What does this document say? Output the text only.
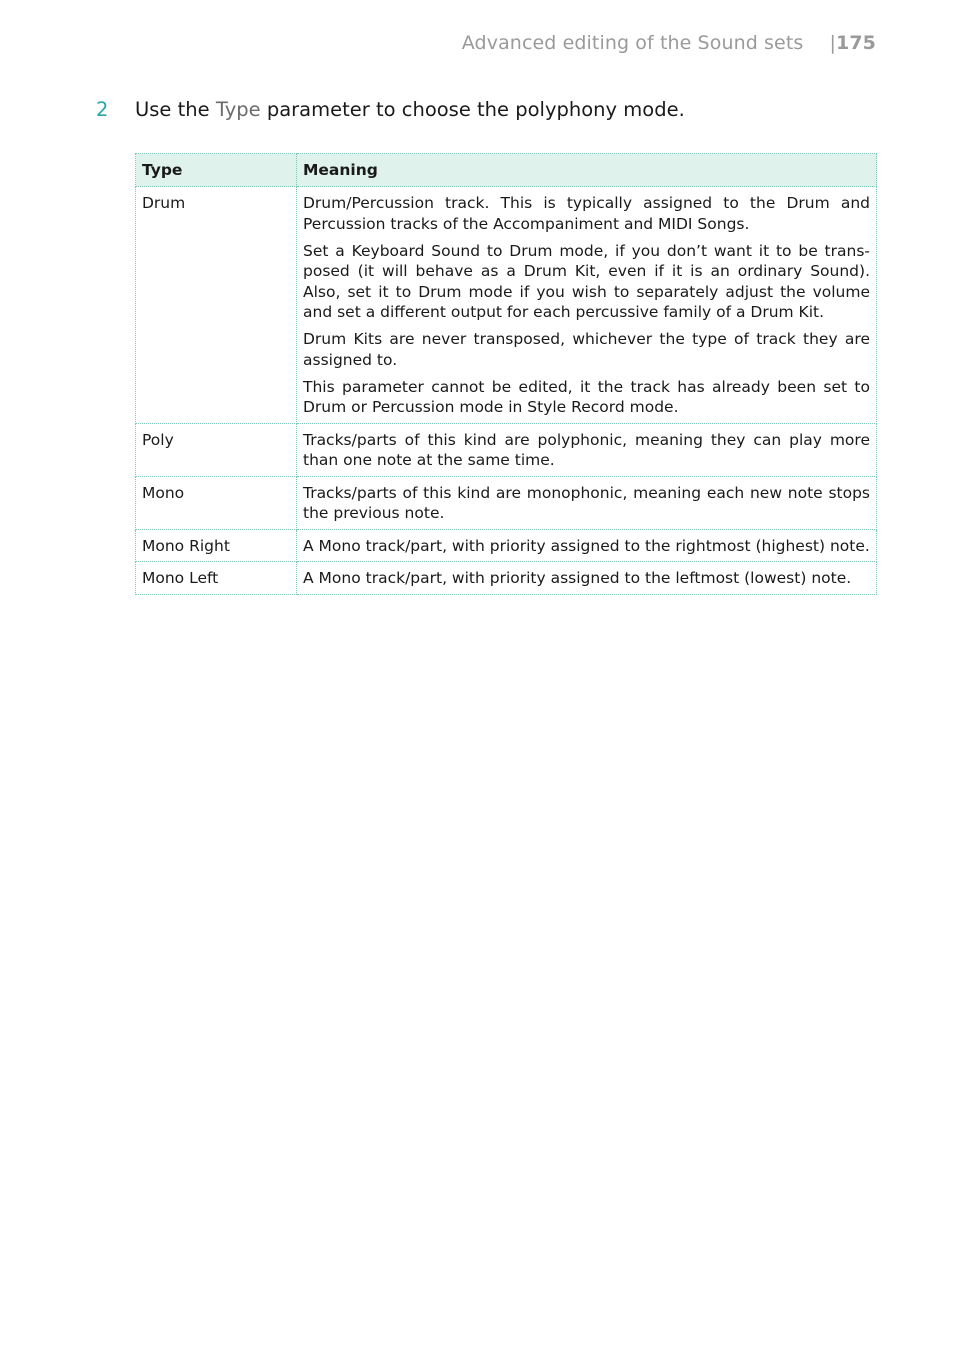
Advanced editing of the Sound sets |175
2 Use the Type parameter to choose the polyphony mode.
Type	Meaning
Drum	Drum/Percussion track. This is typically assigned to the Drum and Percussion tracks of the Accompaniment and MIDI Songs.

Set a Keyboard Sound to Drum mode, if you don’t want it to be trans-posed (it will behave as a Drum Kit, even if it is an ordinary Sound). Also, set it to Drum mode if you wish to separately adjust the volume and set a different output for each percussive family of a Drum Kit.

Drum Kits are never transposed, whichever the type of track they are assigned to.

This parameter cannot be edited, it the track has already been set to Drum or Percussion mode in Style Record mode.

Poly	Tracks/parts of this kind are polyphonic, meaning they can play more than one note at the same time.

Mono	Tracks/parts of this kind are monophonic, meaning each new note stops the previous note.

Mono Right	A Mono track/part, with priority assigned to the rightmost (highest) note.

Mono Left	A Mono track/part, with priority assigned to the leftmost (lowest) note.
